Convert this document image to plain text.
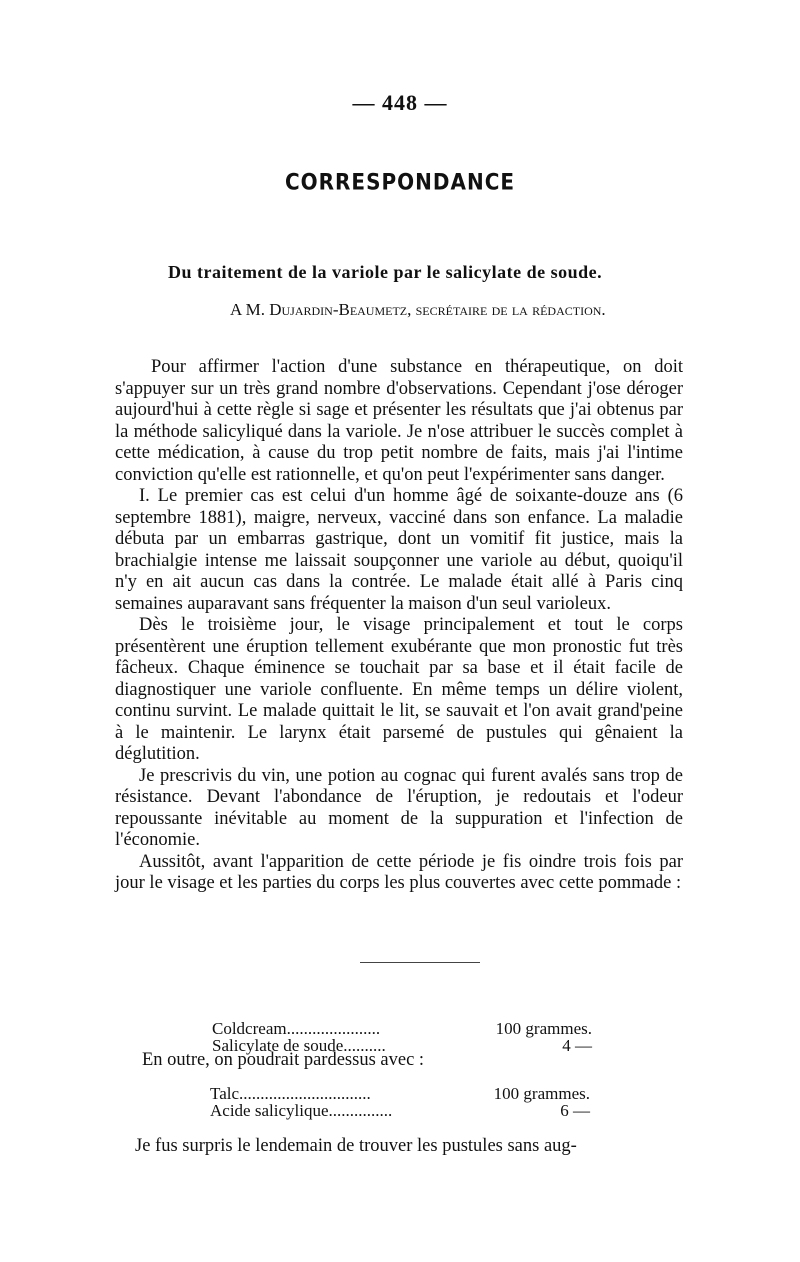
— 448 —
CORRESPONDANCE
Du traitement de la variole par le salicylate de soude.
A M. Dujardin-Beaumetz, secrétaire de la rédaction.

Pour affirmer l'action d'une substance en thérapeutique, on doit s'appuyer sur un très grand nombre d'observations. Cependant j'ose déroger aujourd'hui à cette règle si sage et présenter les résultats que j'ai obtenus par la méthode salicyliqué dans la variole. Je n'ose attribuer le succès complet à cette médication, à cause du trop petit nombre de faits, mais j'ai l'intime conviction qu'elle est rationnelle, et qu'on peut l'expérimenter sans danger.

I. Le premier cas est celui d'un homme âgé de soixante-douze ans (6 septembre 1881), maigre, nerveux, vacciné dans son enfance. La maladie débuta par un embarras gastrique, dont un vomitif fit justice, mais la brachialgie intense me laissait soupçonner une variole au début, quoiqu'il n'y en ait aucun cas dans la contrée. Le malade était allé à Paris cinq semaines auparavant sans fréquenter la maison d'un seul varioleux.

Dès le troisième jour, le visage principalement et tout le corps présentèrent une éruption tellement exubérante que mon pronostic fut très fâcheux. Chaque éminence se touchait par sa base et il était facile de diagnostiquer une variole confluente. En même temps un délire violent, continu survint. Le malade quittait le lit, se sauvait et l'on avait grand'peine à le maintenir. Le larynx était parsemé de pustules qui gênaient la déglutition.

Je prescrivis du vin, une potion au cognac qui furent avalés sans trop de résistance. Devant l'abondance de l'éruption, je redoutais et l'odeur repoussante inévitable au moment de la suppuration et l'infection de l'économie.

Aussitôt, avant l'apparition de cette période je fis oindre trois fois par jour le visage et les parties du corps les plus couvertes avec cette pommade :

Coldcream......................	100 grammes.
Salicylate de soude..........	4 —
En outre, on poudrait pardessus avec :
Talc...............................	100 grammes.
Acide salicylique...............	6 —
Je fus surpris le lendemain de trouver les pustules sans aug-
